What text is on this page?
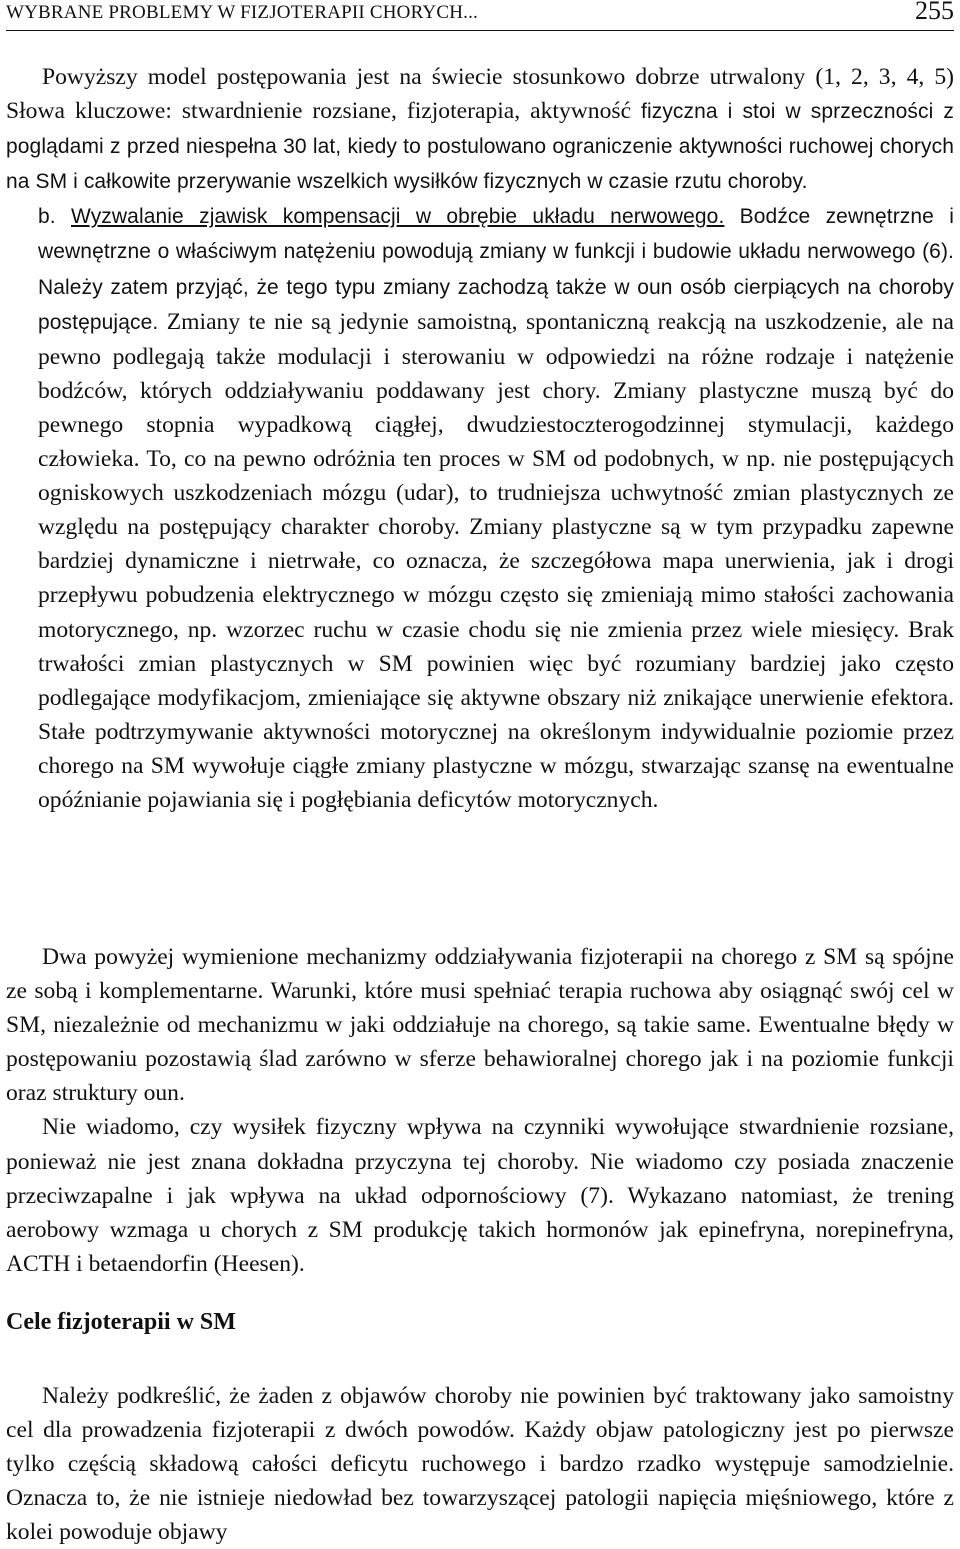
WYBRANE PROBLEMY W FIZJOTERAPII CHORYCH...	255

Powyższy model postępowania jest na świecie stosunkowo dobrze utrwalony (1, 2, 3, 4, 5) Słowa kluczowe: stwardnienie rozsiane, fizjoterapia, aktywność fizyczna i stoi w sprzeczności z poglądami z przed niespełna 30 lat, kiedy to postulowano ograniczenie aktywności ruchowej chorych na SM i całkowite przerywanie wszelkich wysiłków fizycznych w czasie rzutu choroby.

b. Wyzwalanie zjawisk kompensacji w obrębie układu nerwowego. Bodźce zewnętrzne i wewnętrzne o właściwym natężeniu powodują zmiany w funkcji i budowie układu nerwowego (6). Należy zatem przyjąć, że tego typu zmiany zachodzą także w oun osób cierpiących na choroby postępujące. Zmiany te nie są jedynie samoistną, spontaniczną reakcją na uszkodzenie, ale na pewno podlegają także modulacji i sterowaniu w odpowiedzi na różne rodzaje i natężenie bodźców, których oddziaływaniu poddawany jest chory. Zmiany plastyczne muszą być do pewnego stopnia wypadkową ciągłej, dwudziestoczterogodzinnej stymulacji, każdego człowieka. To, co na pewno odróżnia ten proces w SM od podobnych, w np. nie postępujących ogniskowych uszkodzeniach mózgu (udar), to trudniejsza uchwytność zmian plastycznych ze względu na postępujący charakter choroby. Zmiany plastyczne są w tym przypadku zapewne bardziej dynamiczne i nietrwałe, co oznacza, że szczegółowa mapa unerwienia, jak i drogi przepływu pobudzenia elektrycznego w mózgu często się zmieniają mimo stałości zachowania motorycznego, np. wzorzec ruchu w czasie chodu się nie zmienia przez wiele miesięcy. Brak trwałości zmian plastycznych w SM powinien więc być rozumiany bardziej jako często podlegające modyfikacjom, zmieniające się aktywne obszary niż znikające unerwienie efektora. Stałe podtrzymywanie aktywności motorycznej na określonym indywidualnie poziomie przez chorego na SM wywołuje ciągłe zmiany plastyczne w mózgu, stwarzając szansę na ewentualne opóźnianie pojawiania się i pogłębiania deficytów motorycznych.

Dwa powyżej wymienione mechanizmy oddziaływania fizjoterapii na chorego z SM są spójne ze sobą i komplementarne. Warunki, które musi spełniać terapia ruchowa aby osiągnąć swój cel w SM, niezależnie od mechanizmu w jaki oddziałuje na chorego, są takie same. Ewentualne błędy w postępowaniu pozostawią ślad zarówno w sferze behawioralnej chorego jak i na poziomie funkcji oraz struktury oun.

Nie wiadomo, czy wysiłek fizyczny wpływa na czynniki wywołujące stwardnienie rozsiane, ponieważ nie jest znana dokładna przyczyna tej choroby. Nie wiadomo czy posiada znaczenie przeciwzapalne i jak wpływa na układ odpornościowy (7). Wykazano natomiast, że trening aerobowy wzmaga u chorych z SM produkcję takich hormonów jak epinefryna, norepinefryna, ACTH i betaendorfin (Heesen).

Cele fizjoterapii w SM

Należy podkreślić, że żaden z objawów choroby nie powinien być traktowany jako samoistny cel dla prowadzenia fizjoterapii z dwóch powodów. Każdy objaw patologiczny jest po pierwsze tylko częścią składową całości deficytu ruchowego i bardzo rzadko występuje samodzielnie. Oznacza to, że nie istnieje niedowład bez towarzyszącej patologii napięcia mięśniowego, które z kolei powoduje objawy
